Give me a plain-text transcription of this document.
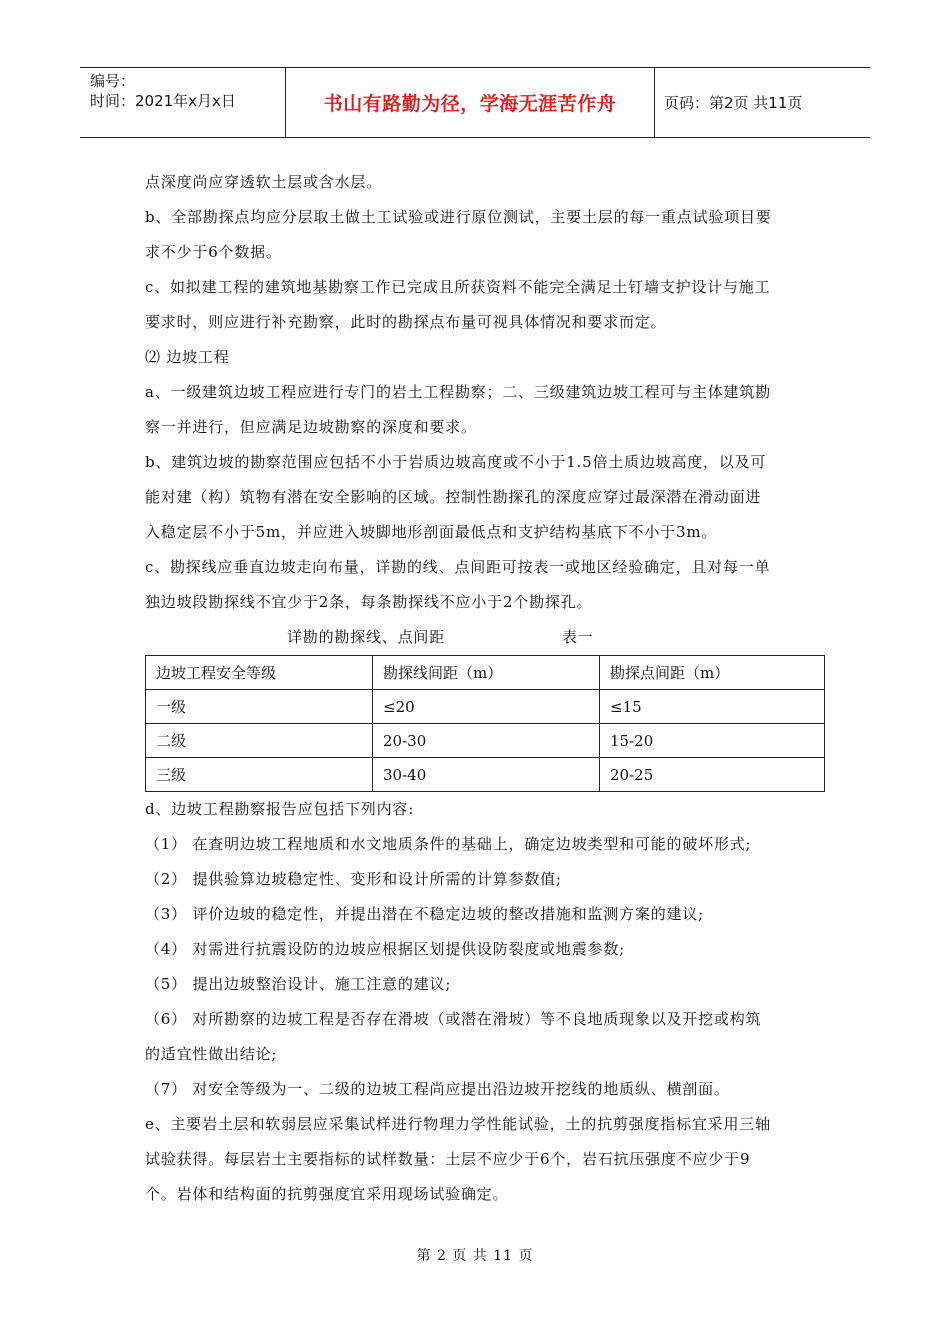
编号：
时间：2021年x月x日	书山有路勤为径，学海无涯苦作舟	页码：第2页 共11页
点深度尚应穿透软土层或含水层。
b、全部勘探点均应分层取土做土工试验或进行原位测试，主要土层的每一重点试验项目要
求不少于6个数据。
c、如拟建工程的建筑地基勘察工作已完成且所获资料不能完全满足土钉墙支护设计与施工
要求时，则应进行补充勘察，此时的勘探点布量可视具体情况和要求而定。
⑵ 边坡工程
a、一级建筑边坡工程应进行专门的岩土工程勘察；二、三级建筑边坡工程可与主体建筑勘
察一并进行，但应满足边坡勘察的深度和要求。
b、建筑边坡的勘察范围应包括不小于岩质边坡高度或不小于1.5倍土质边坡高度，以及可
能对建（构）筑物有潜在安全影响的区域。控制性勘探孔的深度应穿过最深潜在滑动面进
入稳定层不小于5m，并应进入坡脚地形剖面最低点和支护结构基底下不小于3m。
c、勘探线应垂直边坡走向布量，详勘的线、点间距可按表一或地区经验确定，且对每一单
独边坡段勘探线不宜少于2条，每条勘探线不应小于2个勘探孔。
详勘的勘探线、点间距	表一
边坡工程安全等级	勘探线间距（m）	勘探点间距（m）
一级	≤20	≤15
二级	20-30	15-20
三级	30-40	20-25
d、边坡工程勘察报告应包括下列内容:
（1） 在查明边坡工程地质和水文地质条件的基础上，确定边坡类型和可能的破坏形式;
（2） 提供验算边坡稳定性、变形和设计所需的计算参数值;
（3） 评价边坡的稳定性，并提出潜在不稳定边坡的整改措施和监测方案的建议;
（4） 对需进行抗震设防的边坡应根据区划提供设防裂度或地震参数;
（5） 提出边坡整治设计、施工注意的建议;
（6） 对所勘察的边坡工程是否存在滑坡（或潜在滑坡）等不良地质现象以及开挖或构筑
的适宜性做出结论;
（7） 对安全等级为一、二级的边坡工程尚应提出沿边坡开挖线的地质纵、横剖面。
e、主要岩土层和软弱层应采集试样进行物理力学性能试验，土的抗剪强度指标宜采用三轴
试验获得。每层岩土主要指标的试样数量：土层不应少于6个，岩石抗压强度不应少于9
个。岩体和结构面的抗剪强度宜采用现场试验确定。
第 2 页 共 11 页
